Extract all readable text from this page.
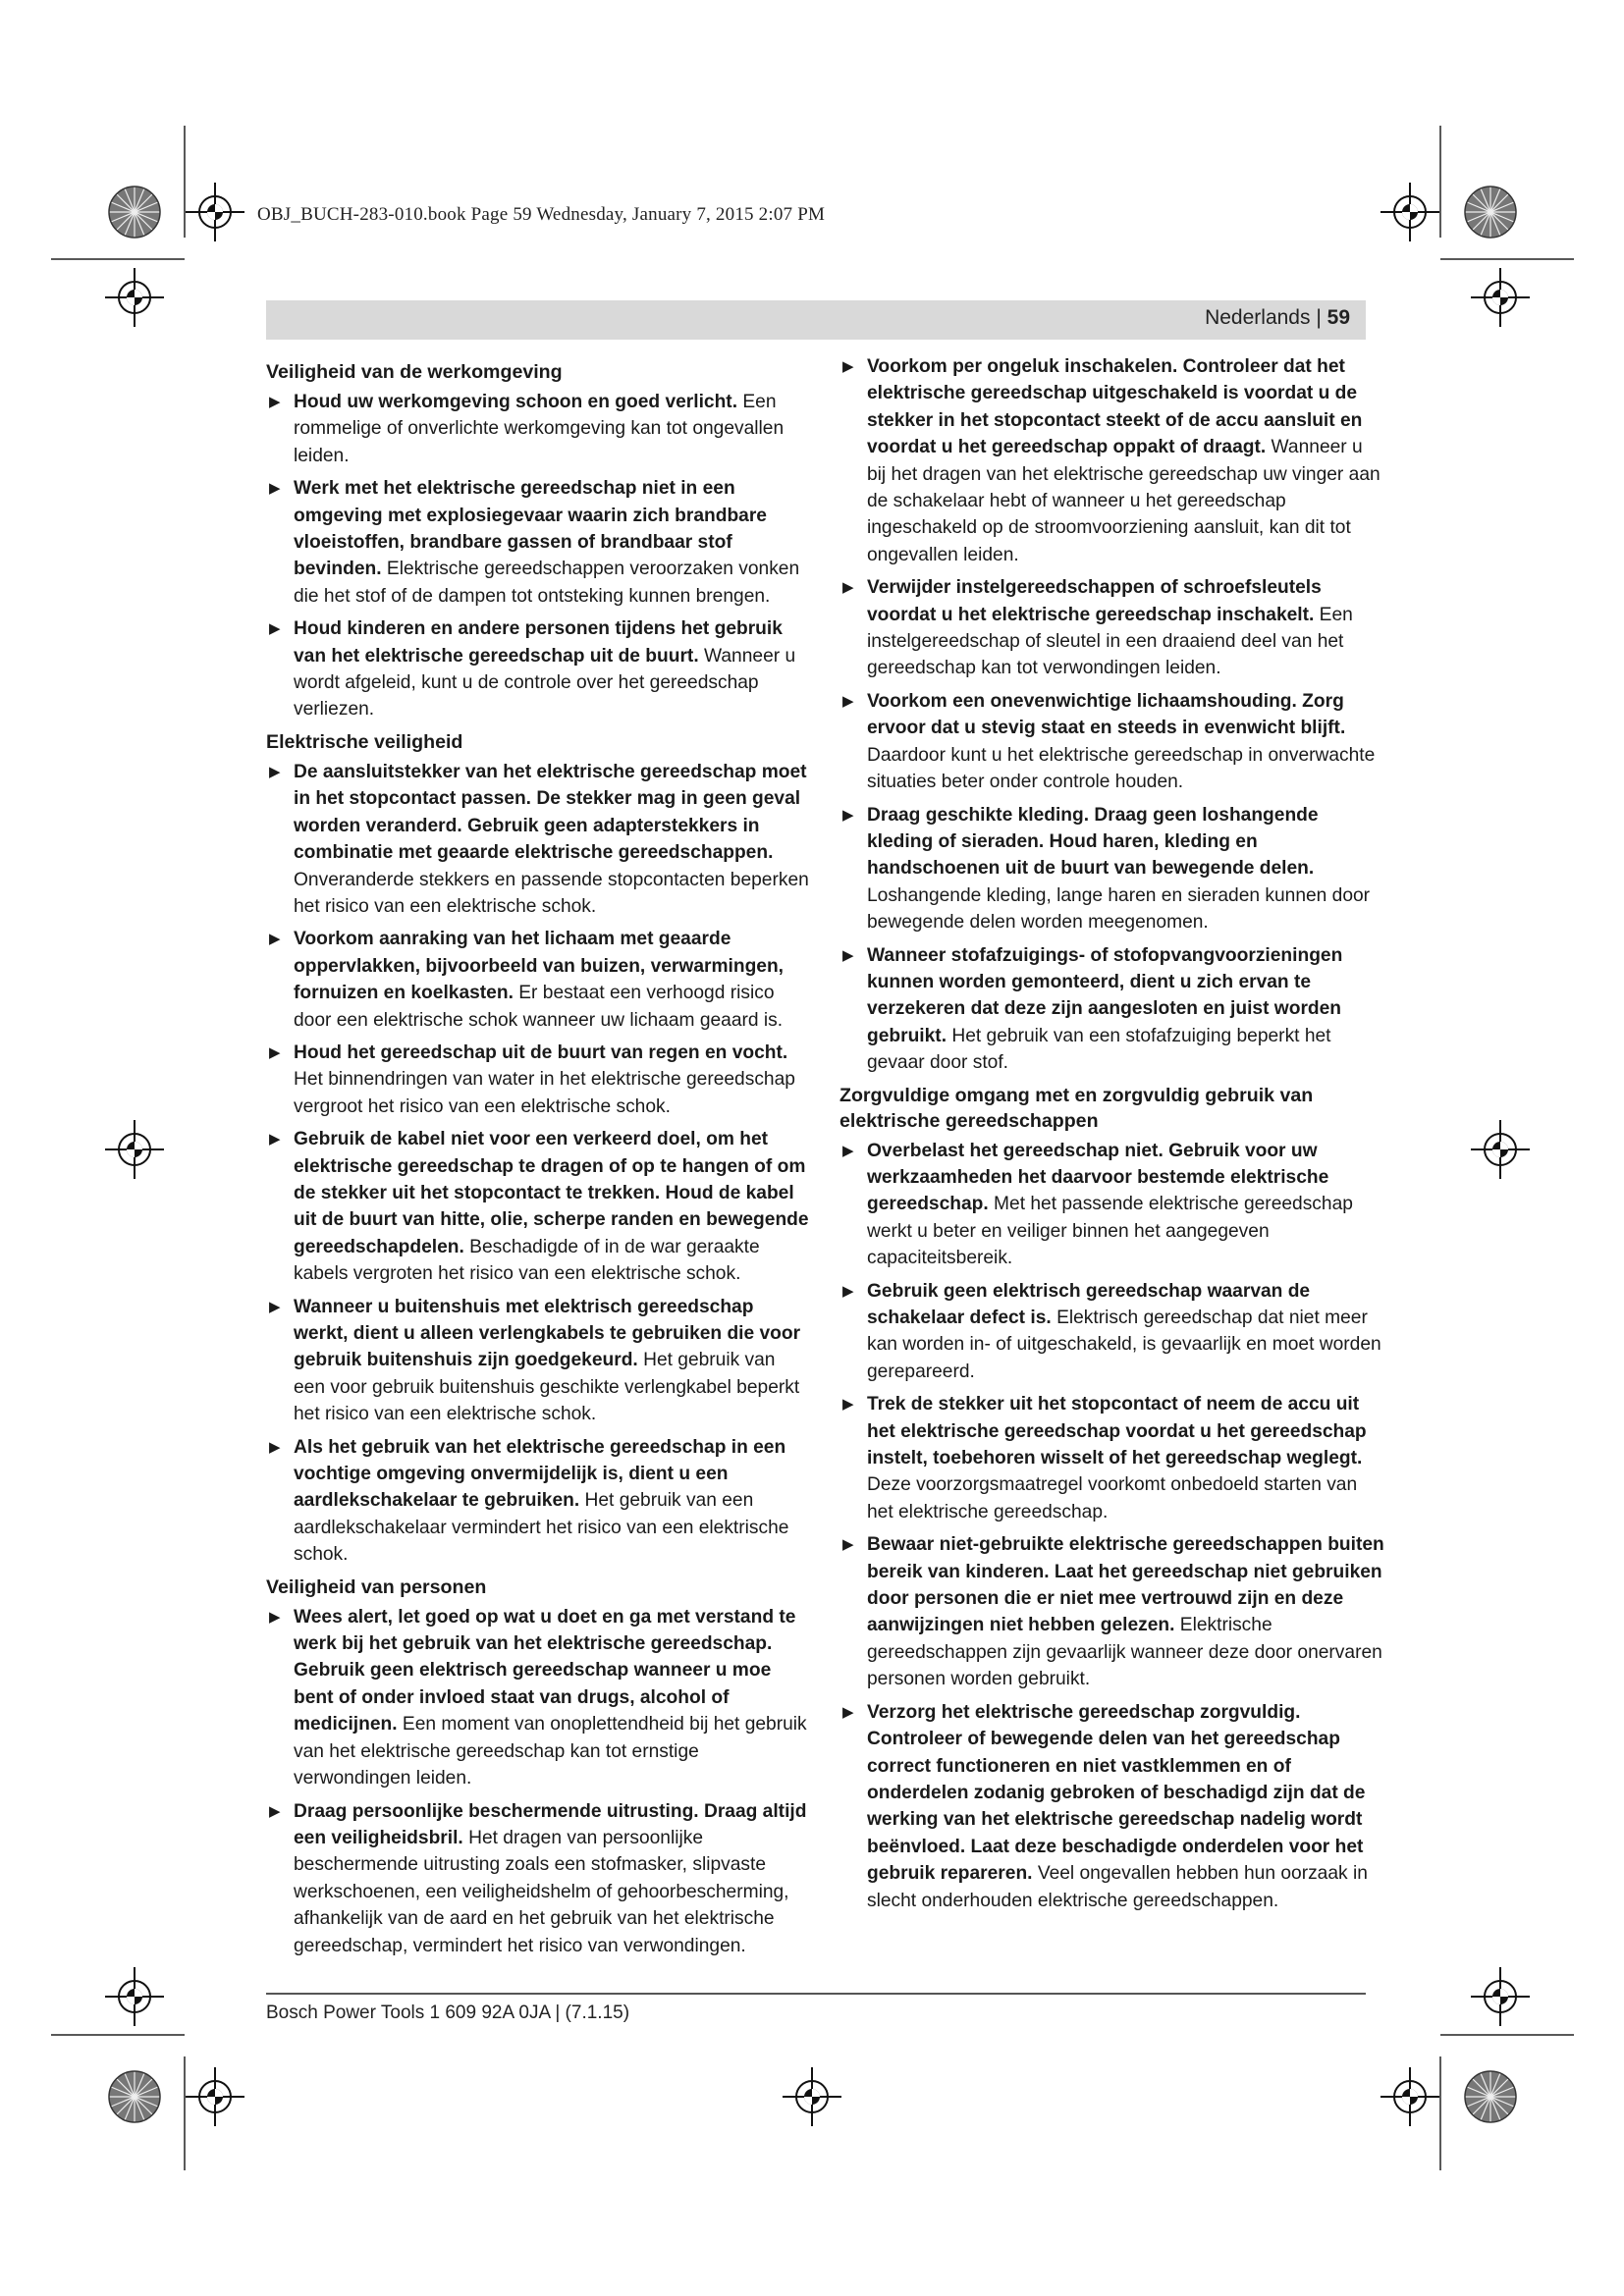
OBJ_BUCH-283-010.book Page 59 Wednesday, January 7, 2015 2:07 PM
Nederlands | 59
Veiligheid van de werkomgeving
▶ Houd uw werkomgeving schoon en goed verlicht. Een rommelige of onverlichte werkomgeving kan tot ongevallen leiden.
▶ Werk met het elektrische gereedschap niet in een omgeving met explosiegevaar waarin zich brandbare vloeistoffen, brandbare gassen of brandbaar stof bevinden. Elektrische gereedschappen veroorzaken vonken die het stof of de dampen tot ontsteking kunnen brengen.
▶ Houd kinderen en andere personen tijdens het gebruik van het elektrische gereedschap uit de buurt. Wanneer u wordt afgeleid, kunt u de controle over het gereedschap verliezen.
Elektrische veiligheid
▶ De aansluitstekker van het elektrische gereedschap moet in het stopcontact passen. De stekker mag in geen geval worden veranderd. Gebruik geen adapterstekkers in combinatie met geaarde elektrische gereedschappen. Onveranderde stekkers en passende stopcontacten beperken het risico van een elektrische schok.
▶ Voorkom aanraking van het lichaam met geaarde oppervlakken, bijvoorbeeld van buizen, verwarmingen, fornuizen en koelkasten. Er bestaat een verhoogd risico door een elektrische schok wanneer uw lichaam geaard is.
▶ Houd het gereedschap uit de buurt van regen en vocht. Het binnendringen van water in het elektrische gereedschap vergroot het risico van een elektrische schok.
▶ Gebruik de kabel niet voor een verkeerd doel, om het elektrische gereedschap te dragen of op te hangen of om de stekker uit het stopcontact te trekken. Houd de kabel uit de buurt van hitte, olie, scherpe randen en bewegende gereedschapdelen. Beschadigde of in de war geraakte kabels vergroten het risico van een elektrische schok.
▶ Wanneer u buitenshuis met elektrisch gereedschap werkt, dient u alleen verlengkabels te gebruiken die voor gebruik buitenshuis zijn goedgekeurd. Het gebruik van een voor gebruik buitenshuis geschikte verlengkabel beperkt het risico van een elektrische schok.
▶ Als het gebruik van het elektrische gereedschap in een vochtige omgeving onvermijdelijk is, dient u een aardlekschakelaar te gebruiken. Het gebruik van een aardlekschakelaar vermindert het risico van een elektrische schok.
Veiligheid van personen
▶ Wees alert, let goed op wat u doet en ga met verstand te werk bij het gebruik van het elektrische gereedschap. Gebruik geen elektrisch gereedschap wanneer u moe bent of onder invloed staat van drugs, alcohol of medicijnen. Een moment van onoplettendheid bij het gebruik van het elektrische gereedschap kan tot ernstige verwondingen leiden.
▶ Draag persoonlijke beschermende uitrusting. Draag altijd een veiligheidsbril. Het dragen van persoonlijke beschermende uitrusting zoals een stofmasker, slipvaste werkschoenen, een veiligheidshelm of gehoorbescherming, afhankelijk van de aard en het gebruik van het elektrische gereedschap, vermindert het risico van verwondingen.
▶ Voorkom per ongeluk inschakelen. Controleer dat het elektrische gereedschap uitgeschakeld is voordat u de stekker in het stopcontact steekt of de accu aansluit en voordat u het gereedschap oppakt of draagt. Wanneer u bij het dragen van het elektrische gereedschap uw vinger aan de schakelaar hebt of wanneer u het gereedschap ingeschakeld op de stroomvoorziening aansluit, kan dit tot ongevallen leiden.
▶ Verwijder instelgereedschappen of schroefsleutels voordat u het elektrische gereedschap inschakelt. Een instelgereedschap of sleutel in een draaiend deel van het gereedschap kan tot verwondingen leiden.
▶ Voorkom een onevenwichtige lichaamshouding. Zorg ervoor dat u stevig staat en steeds in evenwicht blijft. Daardoor kunt u het elektrische gereedschap in onverwachte situaties beter onder controle houden.
▶ Draag geschikte kleding. Draag geen loshangende kleding of sieraden. Houd haren, kleding en handschoenen uit de buurt van bewegende delen. Loshangende kleding, lange haren en sieraden kunnen door bewegende delen worden meegenomen.
▶ Wanneer stofafzuigings- of stofopvangvoorzieningen kunnen worden gemonteerd, dient u zich ervan te verzekeren dat deze zijn aangesloten en juist worden gebruikt. Het gebruik van een stofafzuiging beperkt het gevaar door stof.
Zorgvuldige omgang met en zorgvuldig gebruik van elektrische gereedschappen
▶ Overbelast het gereedschap niet. Gebruik voor uw werkzaamheden het daarvoor bestemde elektrische gereedschap. Met het passende elektrische gereedschap werkt u beter en veiliger binnen het aangegeven capaciteitsbereik.
▶ Gebruik geen elektrisch gereedschap waarvan de schakelaar defect is. Elektrisch gereedschap dat niet meer kan worden in- of uitgeschakeld, is gevaarlijk en moet worden gerepareerd.
▶ Trek de stekker uit het stopcontact of neem de accu uit het elektrische gereedschap voordat u het gereedschap instelt, toebehoren wisselt of het gereedschap weglegt. Deze voorzorgsmaatregel voorkomt onbedoeld starten van het elektrische gereedschap.
▶ Bewaar niet-gebruikte elektrische gereedschappen buiten bereik van kinderen. Laat het gereedschap niet gebruiken door personen die er niet mee vertrouwd zijn en deze aanwijzingen niet hebben gelezen. Elektrische gereedschappen zijn gevaarlijk wanneer deze door onervaren personen worden gebruikt.
▶ Verzorg het elektrische gereedschap zorgvuldig. Controleer of bewegende delen van het gereedschap correct functioneren en niet vastklemmen en of onderdelen zodanig gebroken of beschadigd zijn dat de werking van het elektrische gereedschap nadelig wordt beënvloed. Laat deze beschadigde onderdelen voor het gebruik repareren. Veel ongevallen hebben hun oorzaak in slecht onderhouden elektrische gereedschappen.
Bosch Power Tools 1 609 92A 0JA | (7.1.15)
